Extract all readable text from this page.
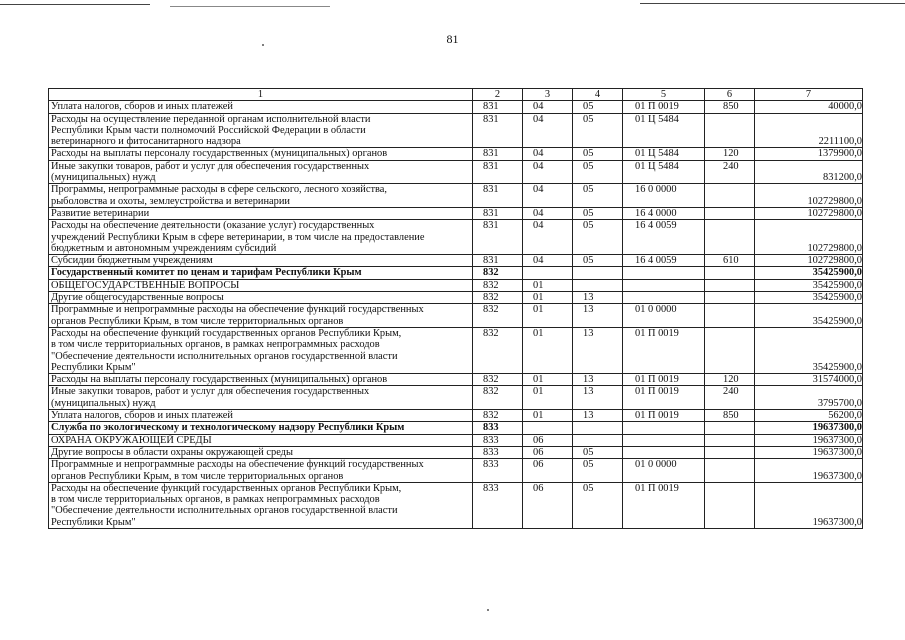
81
1	2	3	4	5	6	7
Уплата налогов, сборов и иных платежей	831	04	05	01 П 0019	850	40000,0
Расходы на осуществление переданной органам исполнительной власти
Республики Крым части полномочий Российской Федерации в области
ветеринарного и фитосанитарного надзора	831	04	05	01 Ц 5484		2211100,0
Расходы на выплаты персоналу государственных (муниципальных) органов	831	04	05	01 Ц 5484	120	1379900,0
Иные закупки товаров, работ и услуг для обеспечения государственных
(муниципальных) нужд	831	04	05	01 Ц 5484	240	831200,0
Программы, непрограммные расходы в сфере сельского, лесного хозяйства,
рыболовства и охоты, землеустройства и ветеринарии	831	04	05	16 0 0000		102729800,0
Развитие ветеринарии	831	04	05	16 4 0000		102729800,0
Расходы на обеспечение деятельности (оказание услуг) государственных
учреждений Республики Крым в сфере ветеринарии, в том числе на предоставление
бюджетным и автономным учреждениям субсидий	831	04	05	16 4 0059		102729800,0
Субсидии бюджетным учреждениям	831	04	05	16 4 0059	610	102729800,0
Государственный комитет по ценам и тарифам Республики Крым	832					35425900,0
ОБЩЕГОСУДАРСТВЕННЫЕ ВОПРОСЫ	832	01				35425900,0
Другие общегосударственные вопросы	832	01	13			35425900,0
Программные и непрограммные расходы на обеспечение функций государственных
органов Республики Крым, в том числе территориальных органов	832	01	13	01 0 0000		35425900,0
Расходы на обеспечение функций государственных органов Республики Крым,
в том числе территориальных органов, в рамках непрограммных расходов
"Обеспечение деятельности исполнительных органов государственной власти
Республики Крым"	832	01	13	01 П 0019		35425900,0
Расходы на выплаты персоналу государственных (муниципальных) органов	832	01	13	01 П 0019	120	31574000,0
Иные закупки товаров, работ и услуг для обеспечения государственных
(муниципальных) нужд	832	01	13	01 П 0019	240	3795700,0
Уплата налогов, сборов и иных платежей	832	01	13	01 П 0019	850	56200,0
Служба по экологическому и технологическому надзору Республики Крым	833					19637300,0
ОХРАНА ОКРУЖАЮЩЕЙ СРЕДЫ	833	06				19637300,0
Другие вопросы в области охраны окружающей среды	833	06	05			19637300,0
Программные и непрограммные расходы на обеспечение функций государственных
органов Республики Крым, в том числе территориальных органов	833	06	05	01 0 0000		19637300,0
Расходы на обеспечение функций государственных органов Республики Крым,
в том числе территориальных органов, в рамках непрограммных расходов
"Обеспечение деятельности исполнительных органов государственной власти
Республики Крым"	833	06	05	01 П 0019		19637300,0
